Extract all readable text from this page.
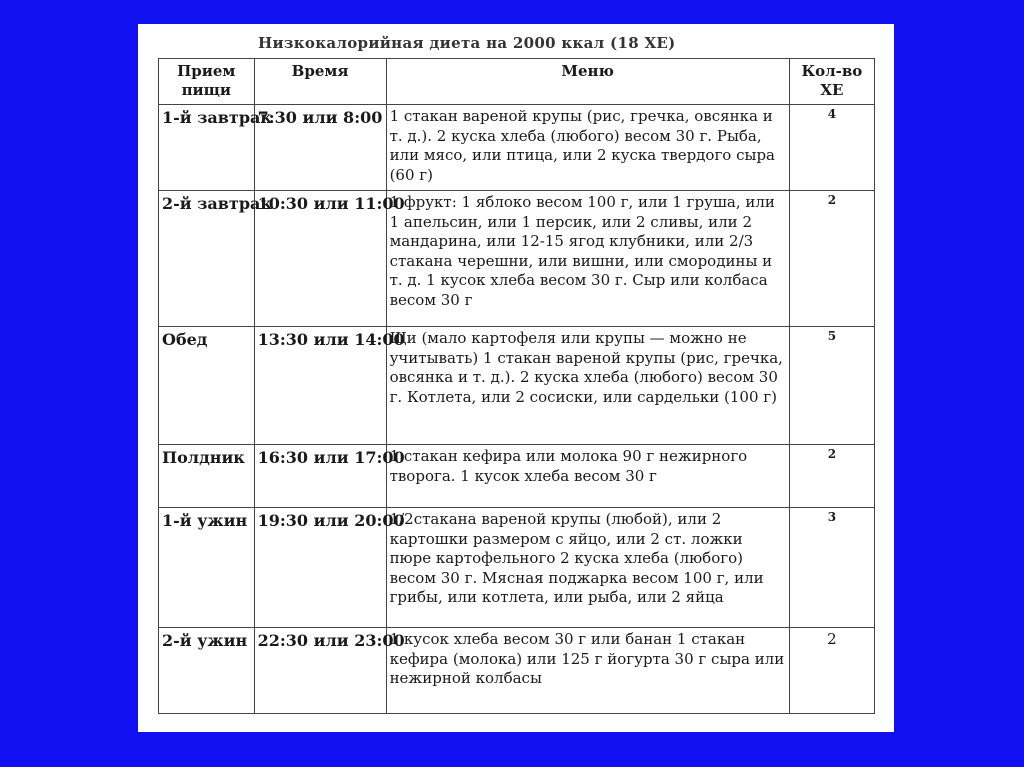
Низкокалорийная диета на 2000 ккал (18 ХЕ)
Прием пищи	Время	Меню	Кол-во ХЕ
1-й завтрак	7:30 или 8:00	1 стакан вареной крупы (рис, гречка, овсянка и т. д.). 2 куска хлеба (любого) весом 30 г. Рыба, или мясо, или птица, или 2 куска твердого сыра (60 г)	4
2-й завтрак	10:30 или 11:00	1 фрукт: 1 яблоко весом 100 г, или 1 груша, или 1 апельсин, или 1 персик, или 2 сливы, или 2 мандарина, или 12-15 ягод клубники, или 2/3 стакана черешни, или вишни, или смородины и т. д. 1 кусок хлеба весом 30 г. Сыр или колбаса весом 30 г	2
Обед	13:30 или 14:00	Щи (мало картофеля или крупы — можно не учитывать) 1 стакан вареной крупы (рис, гречка, овсянка и т. д.). 2 куска хлеба (любого) весом 30 г. Котлета, или 2 сосиски, или сардельки (100 г)	5
Полдник	16:30 или 17:00	1 стакан кефира или молока 90 г нежирного творога. 1 кусок хлеба весом 30 г	2
1-й ужин	19:30 или 20:00	1/2стакана вареной крупы (любой), или 2 картошки размером с яйцо, или 2 ст. ложки пюре картофельного 2 куска хлеба (любого) весом 30 г. Мясная поджарка весом 100 г, или грибы, или котлета, или рыба, или 2 яйца	3
2-й ужин	22:30 или 23:00	1 кусок хлеба весом 30 г или банан 1 стакан кефира (молока) или 125 г йогурта 30 г сыра или нежирной колбасы	2
